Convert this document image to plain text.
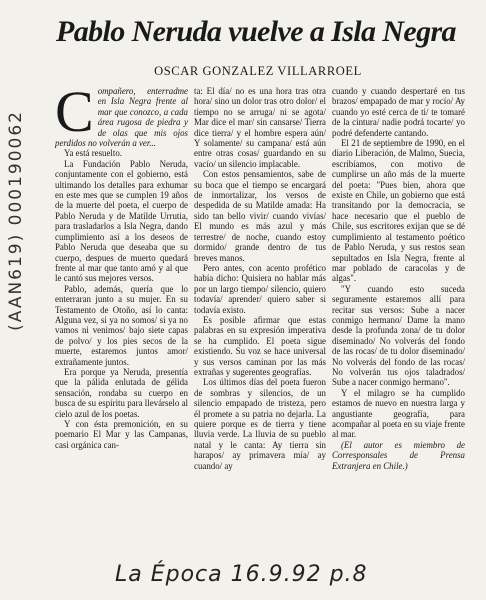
(AAN619) 000190062
Pablo Neruda vuelve a Isla Negra
OSCAR GONZALEZ VILLARROEL

Compañero, enterradme en Isla Negra frente al mar que conozco, a cada área rugosa de piedra y de olas que mis ojos perdidos no volverán a ver...

Ya está resuelto.

La Fundación Pablo Neruda, conjuntamente con el gobierno, está ultimando los detalles para exhumar en este mes que se cumplen 19 años de la muerte del poeta, el cuerpo de Pablo Neruda y de Matilde Urrutia, para trasladarlos a Isla Negra, dando cumplimiento así a los deseos de Pablo Neruda que deseaba que su cuerpo, despues de muerto quedará frente al mar que tanto amó y al que le cantó sus mejores versos.

Pablo, además, quería que lo enterraran junto a su mujer. En su Testamento de Otoño, así lo canta: Alguna vez, si ya no somos/ si ya no vamos ni venimos/ bajo siete capas de polvo/ y los pies secos de la muerte, estaremos juntos amor/ extrañamente juntos.

Era porque ya Neruda, presentía que la pálida enlutada de gélida sensación, rondaba su cuerpo en busca de su espíritu para llevárselo al cielo azul de los poetas.

Y con ésta premonición, en su poemario El Mar y las Campanas, casi orgánica can-

ta: El día/ no es una hora tras otra hora/ sino un dolor tras otro dolor/ el tiempo no se arruga/ ni se agota/ Mar dice el mar/ sin cansarse/ Tierra dice tierra/ y el hombre espera aún/ Y solamente/ su campana/ está aún entre otras cosas/ guardando en su vacío/ un silencio implacable.

Con estos pensamientos, sabe de su boca que el tiempo se encargará de inmortalizar, los versos de despedida de su Matilde amada: Ha sido tan bello vivir/ cuando vivías/ El mundo es más azul y más terrestre/ de noche, cuando estoy dormido/ grande dentro de tus breves manos.

Pero antes, con acento profético había dicho: Quisiera no hablar más por un largo tiempo/ silencio, quiero todavía/ aprender/ quiero saber si todavía existo.

Es posible afirmar que estas palabras en su expresión imperativa se ha cumplido. El poeta sigue existiendo. Su voz se hace universal y sus versos caminan por las más extrañas y sugerentes geografías.

Los últimos días del poeta fueron de sombras y silencios, de un silencio empapado de tristeza, pero él promete a su patria no dejarla. La quiere porque es de tierra y tiene lluvia verde. La lluvia de su pueblo natal y le canta: Ay tierra sin harapos/ ay primavera mía/ ay cuando/ ay

cuando y cuando despertaré en tus brazos/ empapado de mar y rocío/ Ay cuando yo esté cerca de ti/ te tomaré de la cintura/ nadie podrá tocarte/ yo podré defenderte cantando.

El 21 de septiembre de 1990, en el diario Liberación, de Malmo, Suecia, escribíamos, con motivo de cumplirse un año más de la muerte del poeta: "Pues bien, ahora que existe en Chile, un gobierno que está transitando por la democracia, se hace necesario que el pueblo de Chile, sus escritores exijan que se dé cumplimiento al testamento poético de Pablo Neruda, y sus restos sean sepultados en Isla Negra, frente al mar poblado de caracolas y de algas".

"Y cuando esto suceda seguramente estaremos allí para recitar sus versos: Sube a nacer conmigo hermano/ Dame la mano desde la profunda zona/ de tu dolor diseminado/ No volverás del fondo de las rocas/ de tu dolor diseminado/ No volverás del fondo de las rocas/ No volverán tus ojos taladrados/ Sube a nacer conmigo hermano".

Y el milagro se ha cumplido estamos de nuevo en nuestra larga y angustiante geografía, para acompañar al poeta en su viaje frente al mar.

(El autor es miembro de Corresponsales de Prensa Extranjera en Chile.)

La Época 16.9.92 p.8
